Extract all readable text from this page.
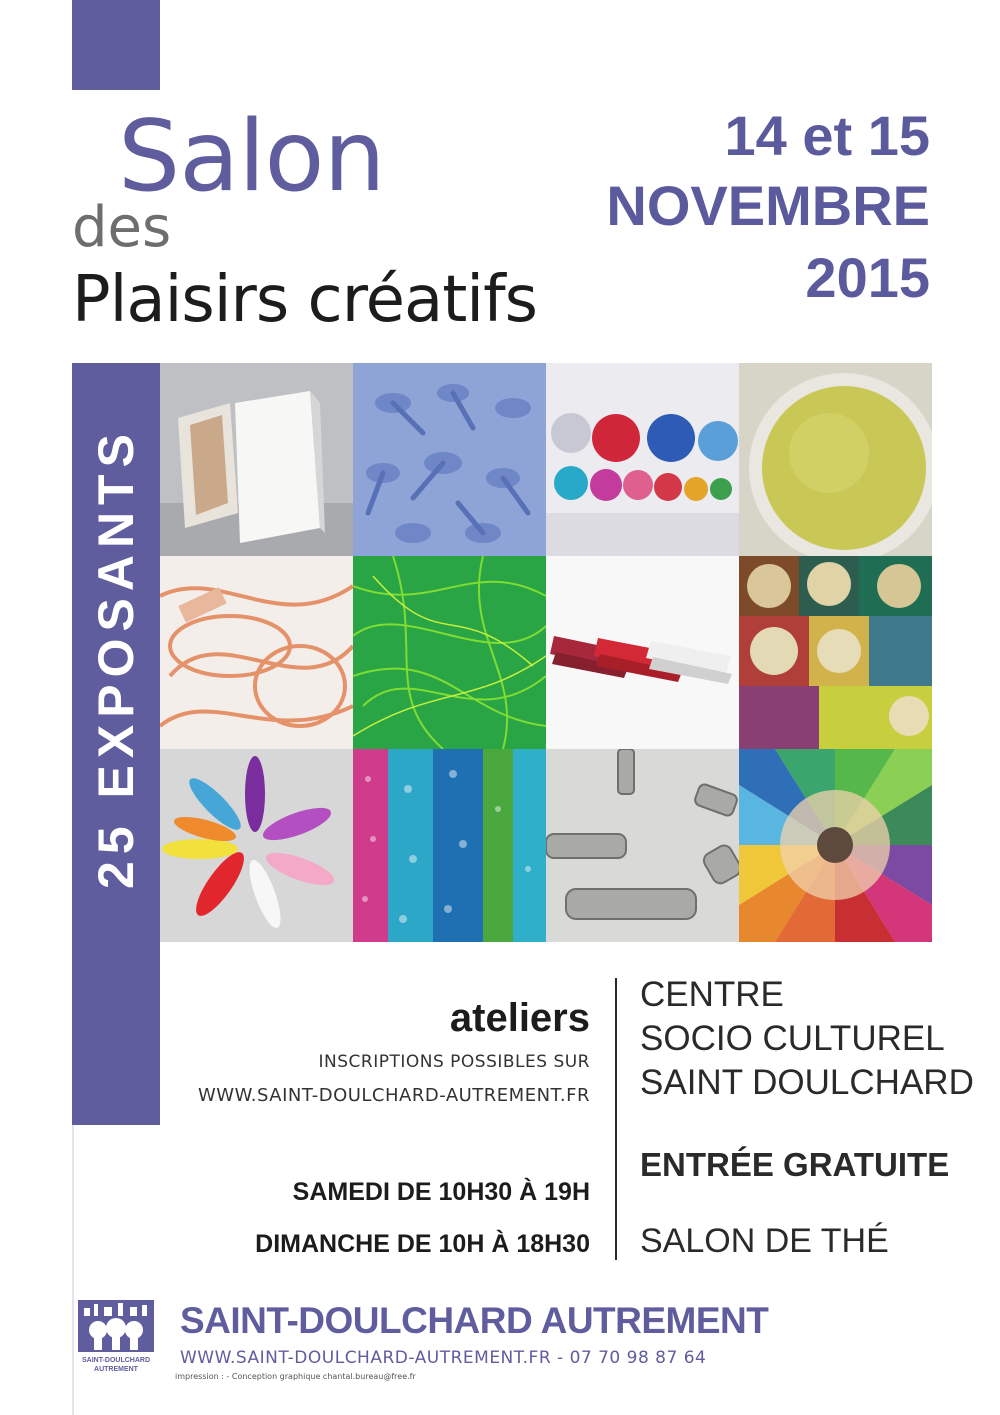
Salon
des
Plaisirs créatifs
14 et 15
NOVEMBRE
2015
25 EXPOSANTS
ateliers
INSCRIPTIONS POSSIBLES SUR
WWW.SAINT-DOULCHARD-AUTREMENT.FR
SAMEDI DE 10H30 À 19H
DIMANCHE DE 10H À 18H30
CENTRE
SOCIO CULTUREL
SAINT DOULCHARD
ENTRÉE GRATUITE
SALON DE THÉ
SAINT-DOULCHARD
AUTREMENT
SAINT-DOULCHARD AUTREMENT
WWW.SAINT-DOULCHARD-AUTREMENT.FR - 07 70 98 87 64
impression : - Conception graphique chantal.bureau@free.fr
